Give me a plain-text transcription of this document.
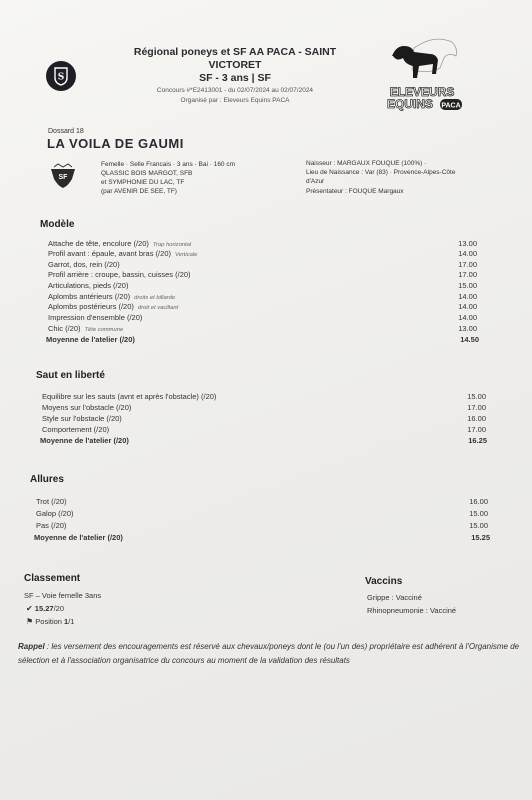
S
Régional poneys et SF AA PACA - SAINT
VICTORET
SF - 3 ans | SF
Concours #*E2413001 - du 02/07/2024 au 02/07/2024
Organisé par : Eleveurs Equins PACA
ELEVEURS
EQUINS PACA
Dossard 18
LA VOILA DE GAUMI
SF
Femelle · Selle Francais · 3 ans · Bai · 160 cm
QLASSIC BOIS MARGOT, SFB
et SYMPHONIE DU LAC, TF
(par AVENIR DE SEE, TF)
Naisseur : MARGAUX FOUQUE (100%) ·
Lieu de Naissance : Var (83) · Provence-Alpes-Côte
d'Azur
Présentateur : FOUQUE Margaux
Modèle
Attache de tête, encolure (/20) Trop horizontal	13.00
Profil avant : épaule, avant bras (/20) Verticale	14.00
Garrot, dos, rein (/20)	17.00
Profil arrière : croupe, bassin, cuisses (/20)	17.00
Articulations, pieds (/20)	15.00
Aplombs antérieurs (/20) droits et billarde	14.00
Aplombs postérieurs (/20) droit et vacillant	14.00
Impression d'ensemble (/20)	14.00
Chic (/20) Tête commune	13.00
Moyenne de l'atelier (/20)	14.50
Saut en liberté
Equilibre sur les sauts (avnt et après l'obstacle) (/20)	15.00
Moyens sur l'obstacle (/20)	17.00
Style sur l'obstacle (/20)	16.00
Comportement (/20)	17.00
Moyenne de l'atelier (/20)	16.25
Allures
Trot (/20)	16.00
Galop (/20)	15.00
Pas (/20)	15.00
Moyenne de l'atelier (/20)	15.25
Classement
SF – Voie femelle 3ans
✔ 15.27/20
⚑ Position 1/1
Vaccins
Grippe : Vacciné
Rhinopneumonie : Vacciné
Rappel : les versement des encouragements est réservé aux chevaux/poneys dont le (ou l'un des) propriétaire est adhérent à l'Organisme de sélection et à l'association organisatrice du concours au moment de la validation des résultats
